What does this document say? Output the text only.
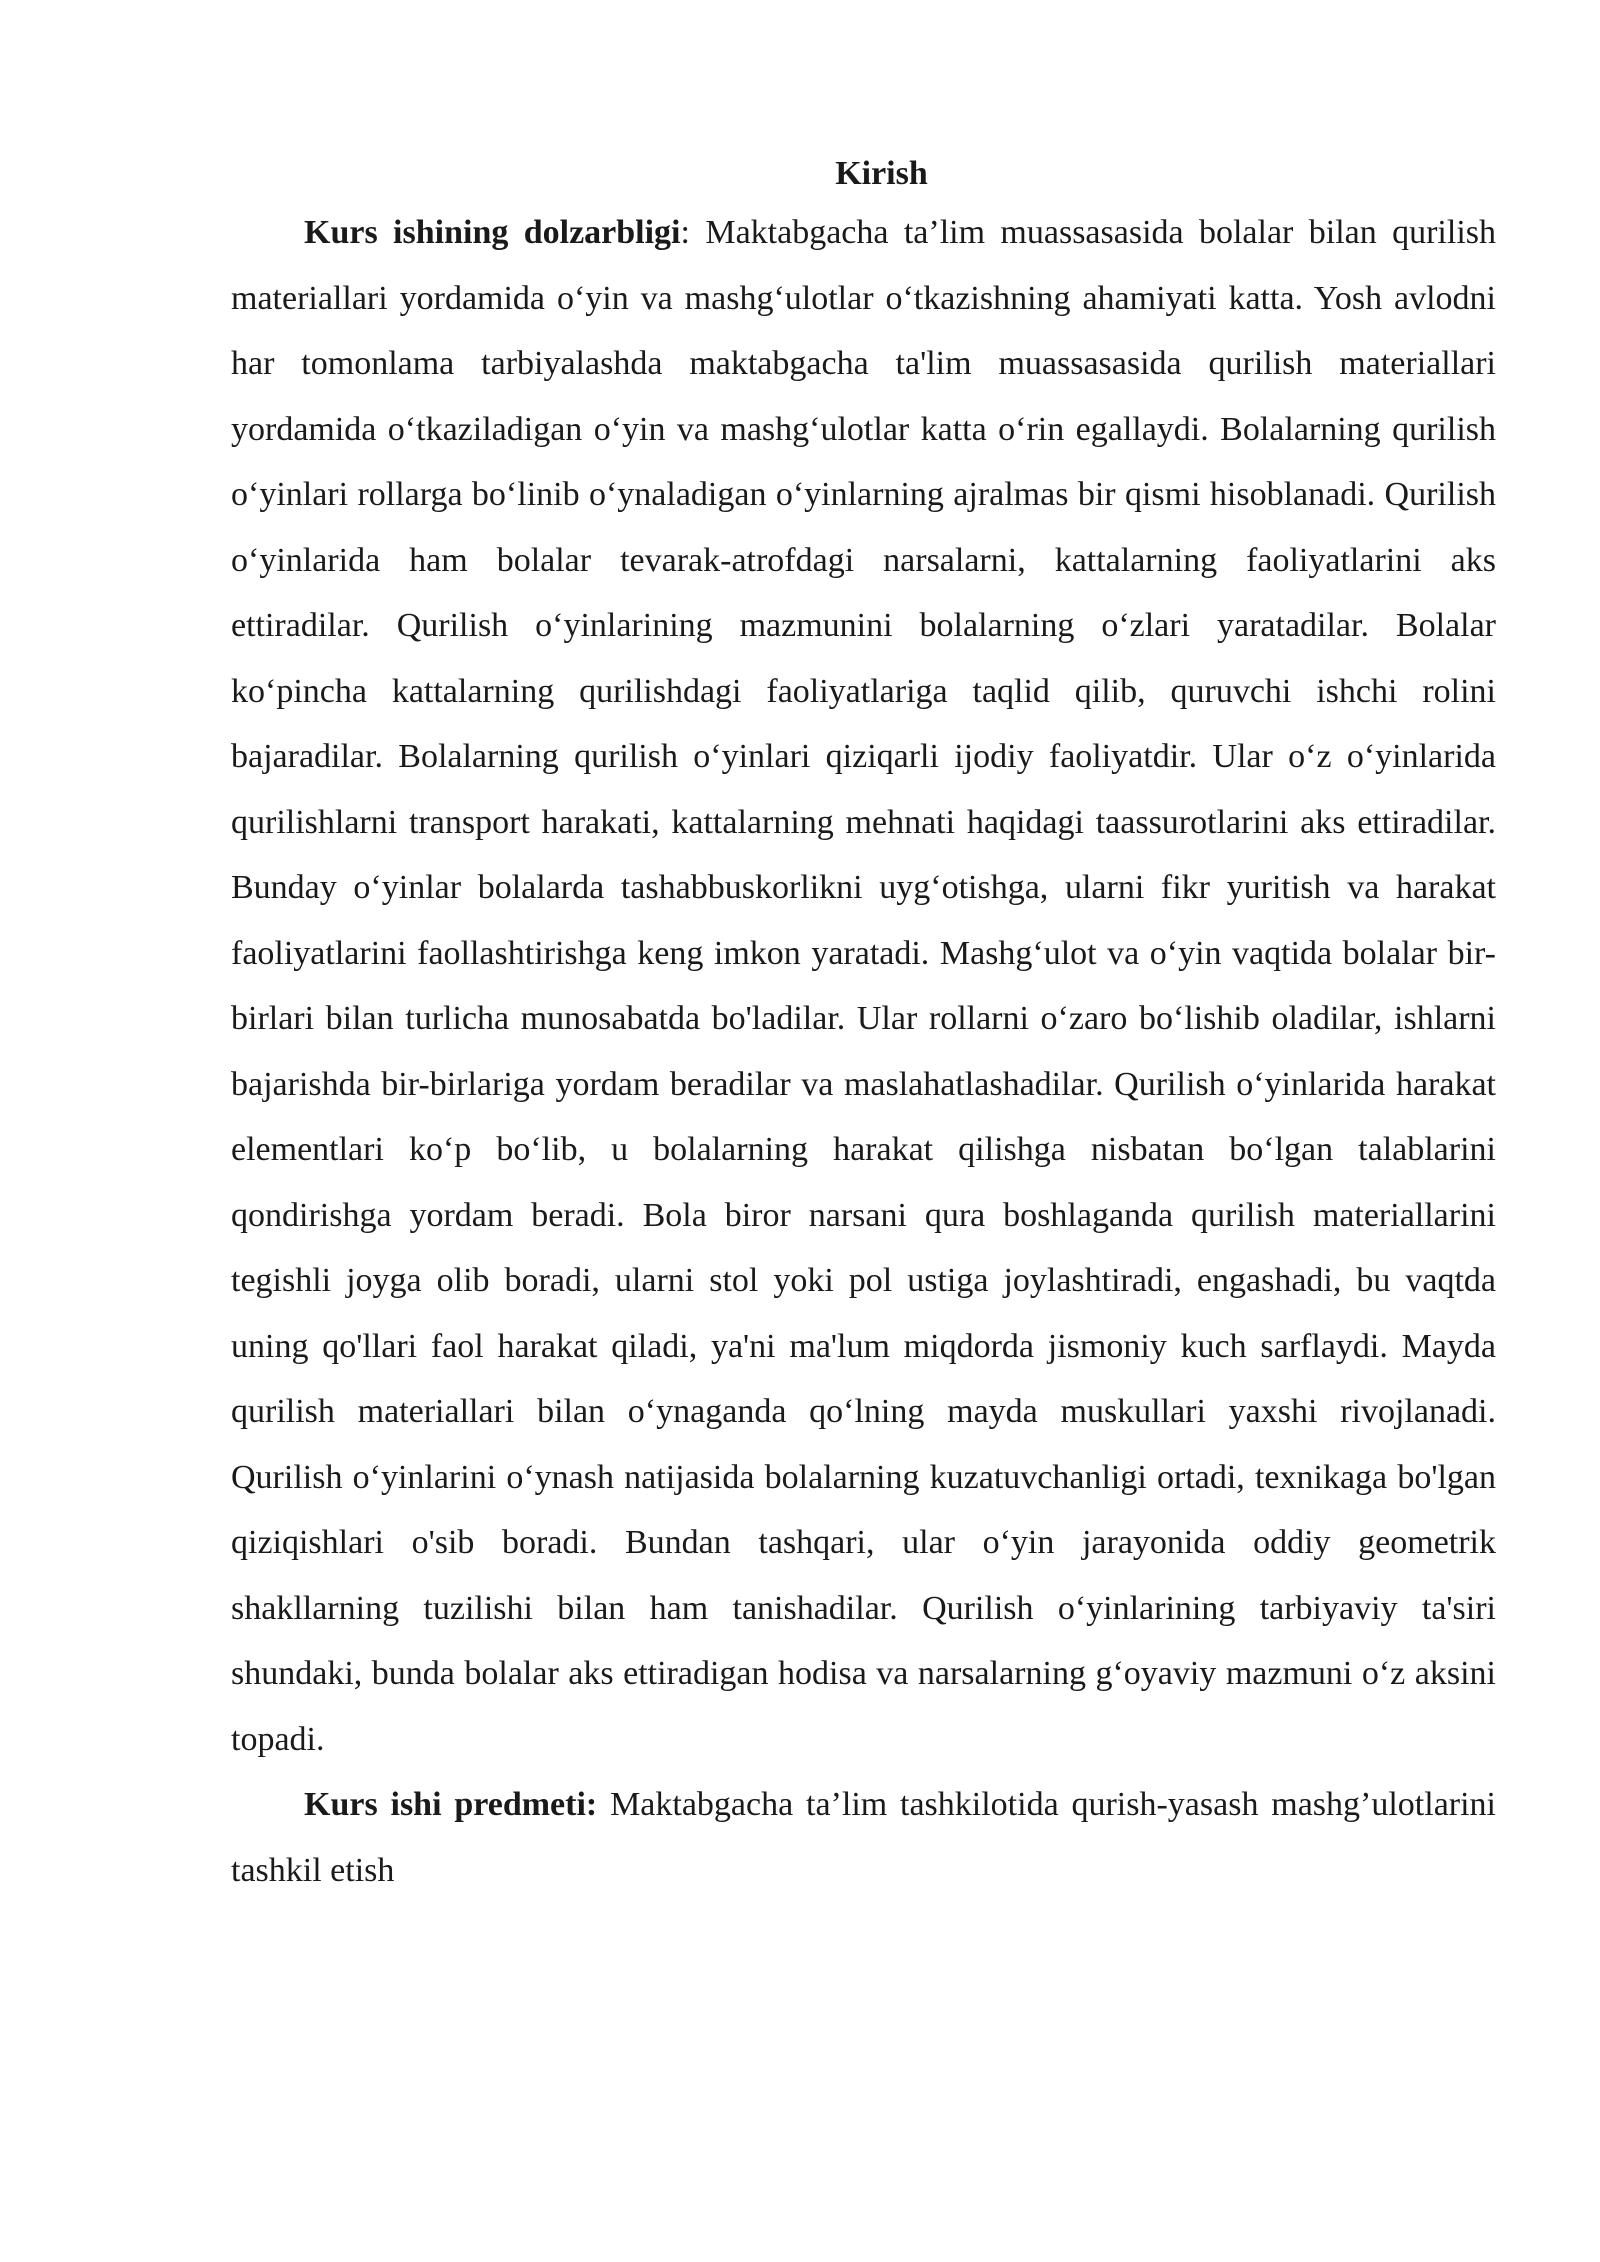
Kirish

Kurs ishining dolzarbligi: Maktabgacha ta’lim muassasasida bolalar bilan qurilish materiallari yordamida o‘yin va mashg‘ulotlar o‘tkazishning ahamiyati katta. Yosh avlodni har tomonlama tarbiyalashda maktabgacha ta'lim muassasasida qurilish materiallari yordamida o‘tkaziladigan o‘yin va mashg‘ulotlar katta o‘rin egallaydi. Bolalarning qurilish o‘yinlari rollarga bo‘linib o‘ynaladigan o‘yinlarning ajralmas bir qismi hisoblanadi. Qurilish o‘yinlarida ham bolalar tevarak-atrofdagi narsalarni, kattalarning faoliyatlarini aks ettiradilar. Qurilish o‘yinlarining mazmunini bolalarning o‘zlari yaratadilar. Bolalar ko‘pincha kattalarning qurilishdagi faoliyatlariga taqlid qilib, quruvchi ishchi rolini bajaradilar. Bolalarning qurilish o‘yinlari qiziqarli ijodiy faoliyatdir. Ular o‘z o‘yinlarida qurilishlarni transport harakati, kattalarning mehnati haqidagi taassurotlarini aks ettiradilar. Bunday o‘yinlar bolalarda tashabbuskorlikni uyg‘otishga, ularni fikr yuritish va harakat faoliyatlarini faollashtirishga keng imkon yaratadi. Mashg‘ulot va o‘yin vaqtida bolalar bir-birlari bilan turlicha munosabatda bo'ladilar. Ular rollarni o‘zaro bo‘lishib oladilar, ishlarni bajarishda bir-birlariga yordam beradilar va maslahatlashadilar. Qurilish o‘yinlarida harakat elementlari ko‘p bo‘lib, u bolalarning harakat qilishga nisbatan bo‘lgan talablarini qondirishga yordam beradi. Bola biror narsani qura boshlaganda qurilish materiallarini tegishli joyga olib boradi, ularni stol yoki pol ustiga joylashtiradi, engashadi, bu vaqtda uning qo'llari faol harakat qiladi, ya'ni ma'lum miqdorda jismoniy kuch sarflaydi. Mayda qurilish materiallari bilan o‘ynaganda qo‘lning mayda muskullari yaxshi rivojlanadi. Qurilish o‘yinlarini o‘ynash natijasida bolalarning kuzatuvchanligi ortadi, texnikaga bo'lgan qiziqishlari o'sib boradi. Bundan tashqari, ular o‘yin jarayonida oddiy geometrik shakllarning tuzilishi bilan ham tanishadilar. Qurilish o‘yinlarining tarbiyaviy ta'siri shundaki, bunda bolalar aks ettiradigan hodisa va narsalarning g‘oyaviy mazmuni o‘z aksini topadi.

Kurs ishi predmeti: Maktabgacha ta’lim tashkilotida qurish-yasash mashg’ulotlarini tashkil etish
